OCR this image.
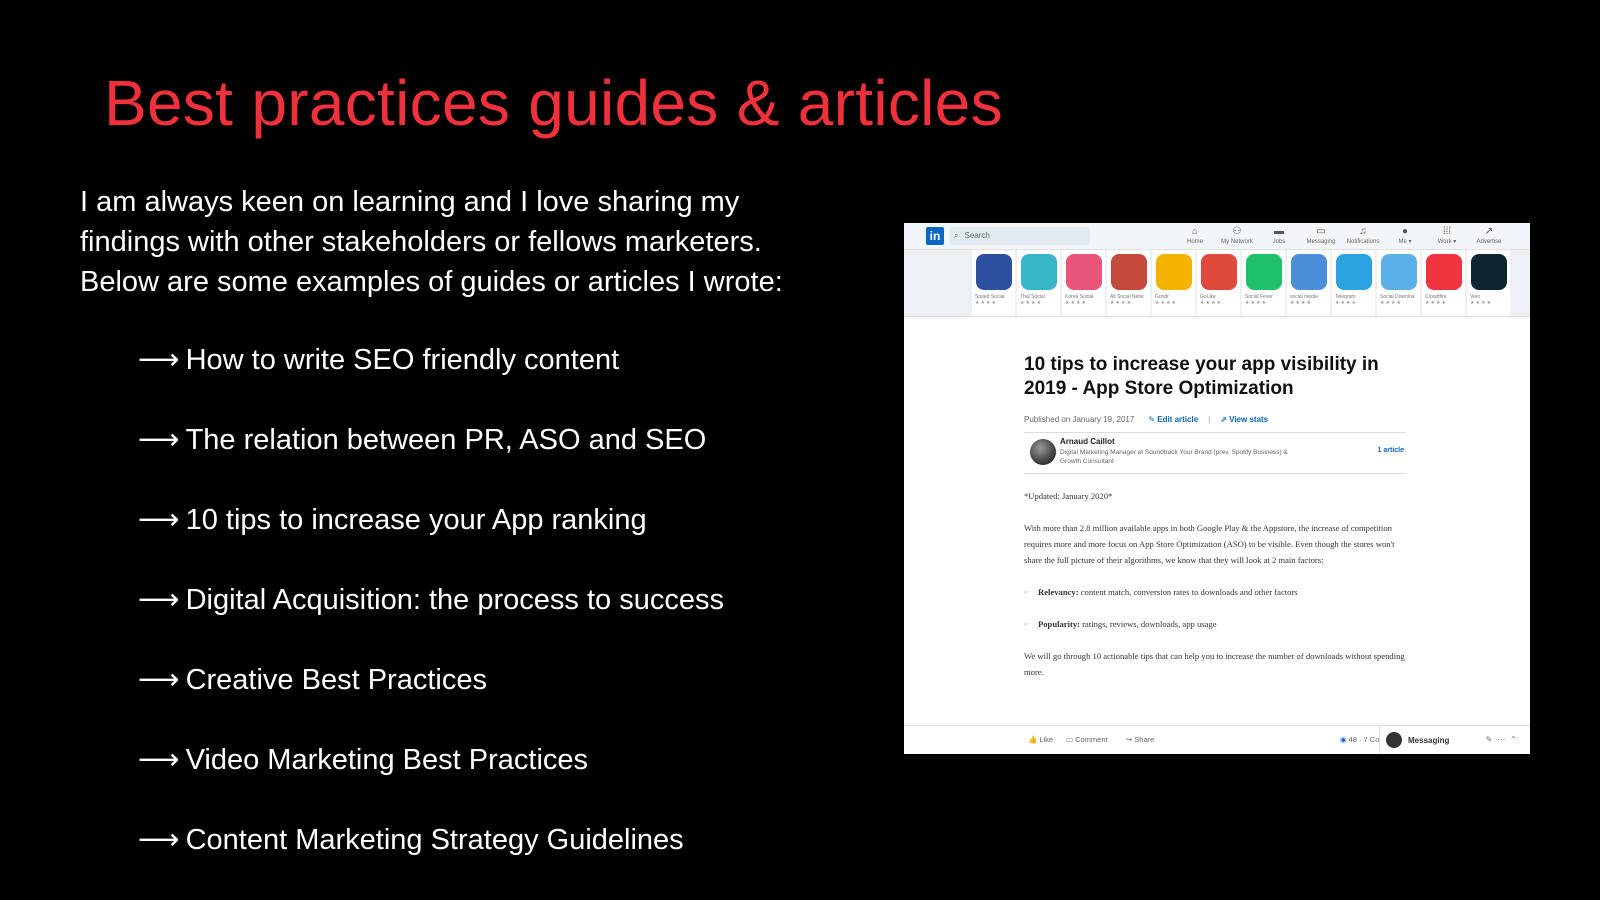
Best practices guides & articles
I am always keen on learning and I love sharing my
findings with other stakeholders or fellows marketers.
Below are some examples of guides or articles I wrote:
⟶ How to write SEO friendly content
⟶ The relation between PR, ASO and SEO
⟶ 10 tips to increase your App ranking
⟶ Digital Acquisition: the process to success
⟶ Creative Best Practices
⟶ Video Marketing Best Practices
⟶ Content Marketing Strategy Guidelines
in	⌕ Search	⌂
Home
⚇
My Network
▬
Jobs
▭
Messaging
♫
Notifications
●
Me ▾
⁞⁞⁞
Work ▾
↗
Advertise
Speed Social
★★★★
Thai Social
★★★★
Korea Social
★★★★
All Social Netw
★★★★
Grindr
★★★★
GoLike
★★★★
Social Fever
★★★★
social media
★★★★
Telegram
★★★★
Social Downloa
★★★★
Crowdfire
★★★★
Vero
★★★★
10 tips to increase your app visibility in 2019 - App Store Optimization
Published on January 19, 2017 ✎ Edit article | ⇗ View stats
Arnaud Caillot
Digital Marketing Manager at Soundtrack Your Brand (prev. Spotify Business) & Growth Consultant
1 article

*Updated: January 2020*

With more than 2.8 million available apps in both Google Play & the Appstore, the increase of competition requires more and more focus on App Store Optimization (ASO) to be visible. Even though the stores won't share the full picture of their algorithms, we know that they will look at 2 main factors:

· Relevancy: content match, conversion rates to downloads and other factors

· Popularity: ratings, reviews, downloads, app usage

We will go through 10 actionable tips that can help you to increase the number of downloads without spending more.

👍 Like ▭ Comment ↪ Share	◉ 48 · 7 Co	Messaging	✎⋯⌃
